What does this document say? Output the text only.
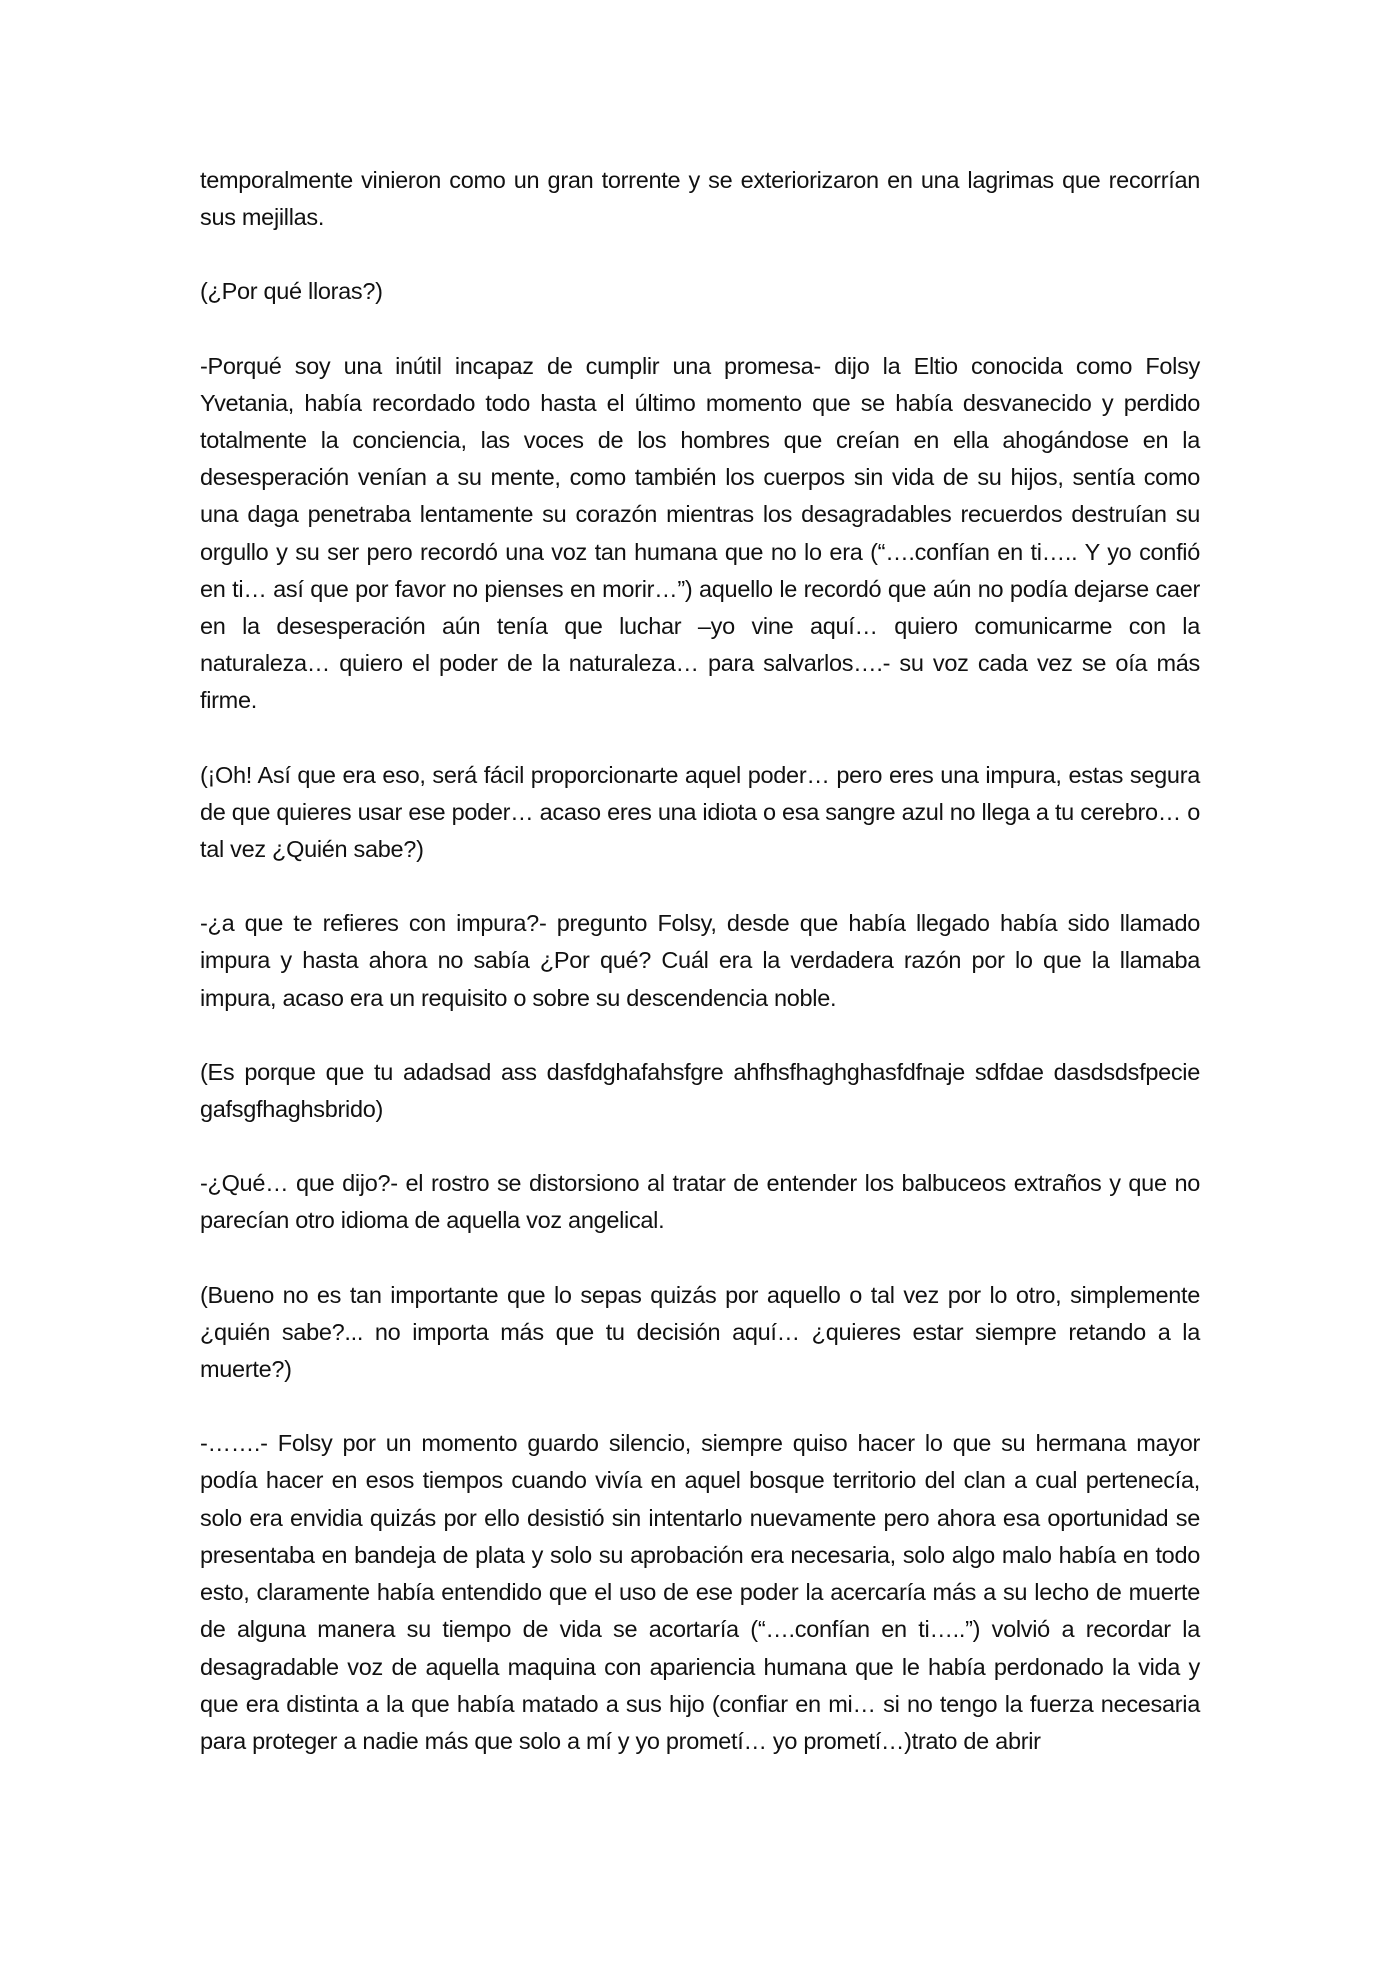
temporalmente vinieron como un gran torrente y se exteriorizaron en una lagrimas que recorrían sus mejillas.

(¿Por qué lloras?)

-Porqué soy una inútil incapaz de cumplir una promesa- dijo la Eltio conocida como Folsy Yvetania, había recordado todo hasta el último momento que se había desvanecido y perdido totalmente la conciencia, las voces de los hombres que creían en ella ahogándose en la desesperación venían a su mente, como también los cuerpos sin vida de su hijos, sentía como una daga penetraba lentamente su corazón mientras los desagradables recuerdos destruían su orgullo y su ser pero recordó una voz tan humana que no lo era (“….confían en ti….. Y yo confió en ti… así que por favor no pienses en morir…”) aquello le recordó que aún no podía dejarse caer en la desesperación aún tenía que luchar –yo vine aquí… quiero comunicarme con la naturaleza… quiero el poder de la naturaleza… para salvarlos….- su voz cada vez se oía más firme.

(¡Oh! Así que era eso, será fácil proporcionarte aquel poder… pero eres una impura, estas segura de que quieres usar ese poder… acaso eres una idiota o esa sangre azul no llega a tu cerebro… o tal vez ¿Quién sabe?)

-¿a que te refieres con impura?- pregunto Folsy, desde que había llegado había sido llamado impura y hasta ahora no sabía ¿Por qué? Cuál era la verdadera razón por lo que la llamaba impura, acaso era un requisito o sobre su descendencia noble.

(Es porque que tu adadsad ass dasfdghafahsfgre ahfhsfhaghghasfdfnaje sdfdae dasdsdsfpecie gafsgfhaghsbrido)

-¿Qué… que dijo?- el rostro se distorsiono al tratar de entender los balbuceos extraños y que no parecían otro idioma de aquella voz angelical.

(Bueno no es tan importante que lo sepas quizás por aquello o tal vez por lo otro, simplemente ¿quién sabe?... no importa más que tu decisión aquí… ¿quieres estar siempre retando a la muerte?)

-…….- Folsy por un momento guardo silencio, siempre quiso hacer lo que su hermana mayor podía hacer en esos tiempos cuando vivía en aquel bosque territorio del clan a cual pertenecía, solo era envidia quizás por ello desistió sin intentarlo nuevamente pero ahora esa oportunidad se presentaba en bandeja de plata y solo su aprobación era necesaria, solo algo malo había en todo esto, claramente había entendido que el uso de ese poder la acercaría más a su lecho de muerte de alguna manera su tiempo de vida se acortaría (“….confían en ti…..”) volvió a recordar la desagradable voz de aquella maquina con apariencia humana que le había perdonado la vida y que era distinta a la que había matado a sus hijo (confiar en mi… si no tengo la fuerza necesaria para proteger a nadie más que solo a mí y yo prometí… yo prometí…)trato de abrir
